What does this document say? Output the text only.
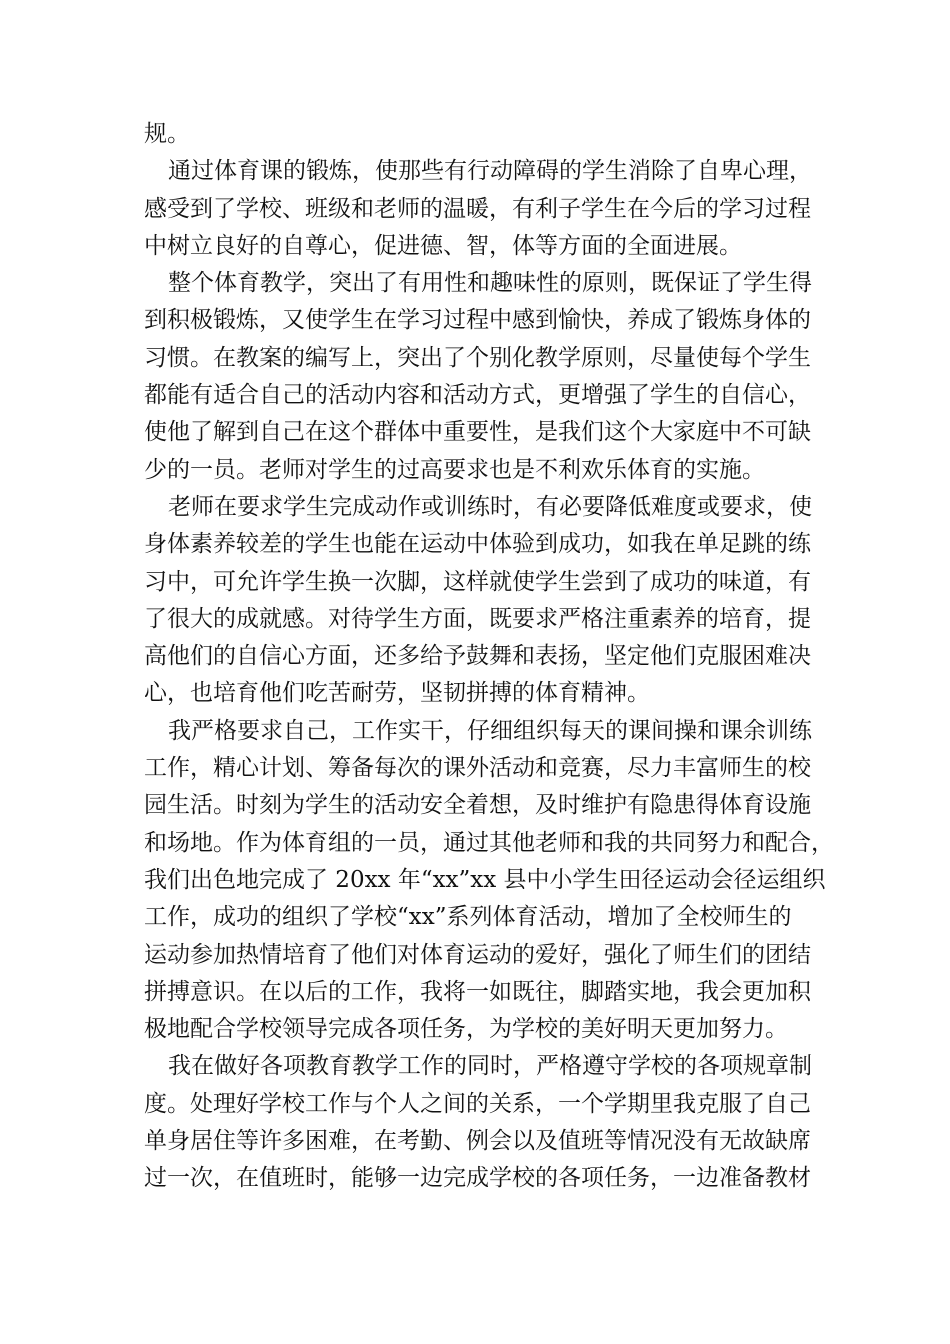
规。
通过体育课的锻炼，使那些有行动障碍的学生消除了自卑心理，
感受到了学校、班级和老师的温暖，有利子学生在今后的学习过程
中树立良好的自尊心，促进德、智，体等方面的全面进展。
整个体育教学，突出了有用性和趣味性的原则，既保证了学生得
到积极锻炼，又使学生在学习过程中感到愉快，养成了锻炼身体的
习惯。在教案的编写上，突出了个别化教学原则，尽量使每个学生
都能有适合自己的活动内容和活动方式，更增强了学生的自信心，
使他了解到自己在这个群体中重要性，是我们这个大家庭中不可缺
少的一员。老师对学生的过高要求也是不利欢乐体育的实施。
老师在要求学生完成动作或训练时，有必要降低难度或要求，使
身体素养较差的学生也能在运动中体验到成功，如我在单足跳的练
习中，可允许学生换一次脚，这样就使学生尝到了成功的味道，有
了很大的成就感。对待学生方面，既要求严格注重素养的培育，提
高他们的自信心方面，还多给予鼓舞和表扬，坚定他们克服困难决
心，也培育他们吃苦耐劳，坚韧拼搏的体育精神。
我严格要求自己，工作实干，仔细组织每天的课间操和课余训练
工作，精心计划、筹备每次的课外活动和竞赛，尽力丰富师生的校
园生活。时刻为学生的活动安全着想，及时维护有隐患得体育设施
和场地。作为体育组的一员，通过其他老师和我的共同努力和配合，
我们出色地完成了 20xx 年“xx”xx 县中小学生田径运动会径运组织
工作，成功的组织了学校“xx”系列体育活动，增加了全校师生的
运动参加热情培育了他们对体育运动的爱好，强化了师生们的团结
拼搏意识。在以后的工作，我将一如既往，脚踏实地，我会更加积
极地配合学校领导完成各项任务，为学校的美好明天更加努力。
我在做好各项教育教学工作的同时，严格遵守学校的各项规章制
度。处理好学校工作与个人之间的关系，一个学期里我克服了自己
单身居住等许多困难，在考勤、例会以及值班等情况没有无故缺席
过一次，在值班时，能够一边完成学校的各项任务，一边准备教材
